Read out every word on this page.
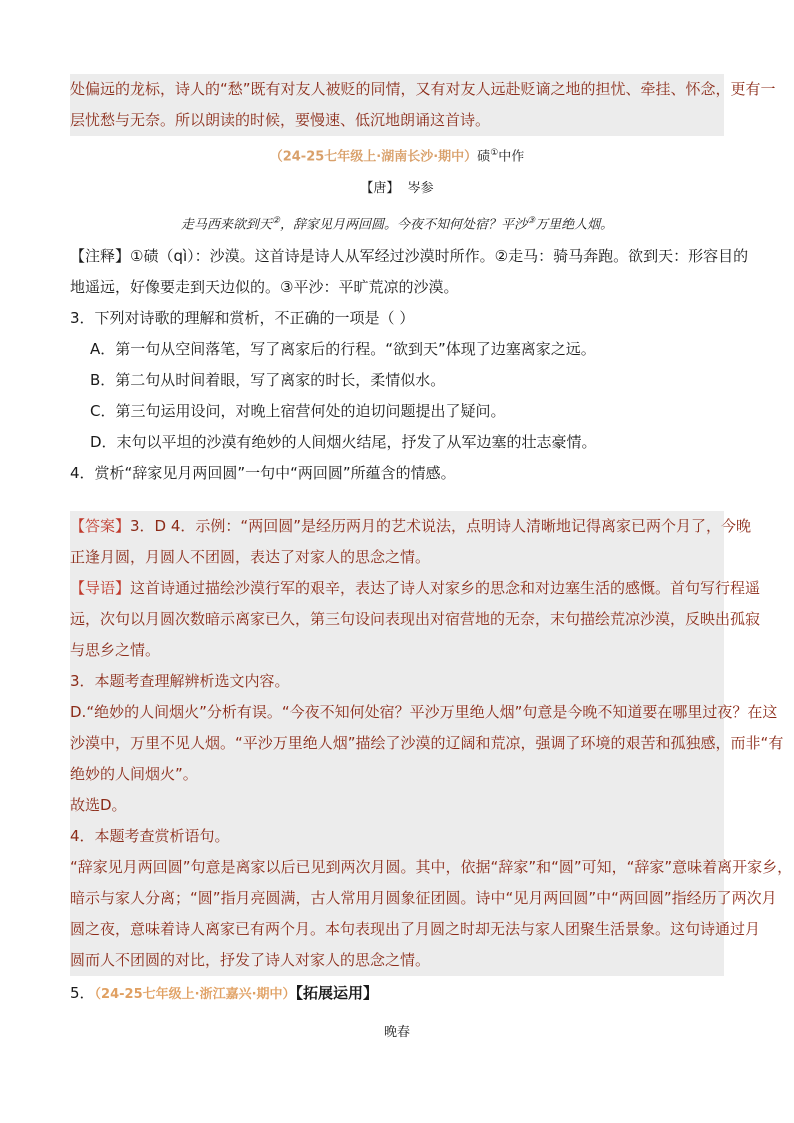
处偏远的龙标，诗人的“愁”既有对友人被贬的同情，又有对友人远赴贬谪之地的担忧、牵挂、怀念，更有一
层忧愁与无奈。所以朗读的时候，要慢速、低沉地朗诵这首诗。
（24-25七年级上·湖南长沙·期中）碛①中作
【唐】 岑参
走马西来欲到天②，辞家见月两回圆。今夜不知何处宿？平沙③万里绝人烟。
【注释】①碛（qì）：沙漠。这首诗是诗人从军经过沙漠时所作。②走马：骑马奔跑。欲到天：形容目的
地遥远，好像要走到天边似的。③平沙：平旷荒凉的沙漠。
3．下列对诗歌的理解和赏析，不正确的一项是（ ）
A．第一句从空间落笔，写了离家后的行程。“欲到天”体现了边塞离家之远。
B．第二句从时间着眼，写了离家的时长，柔情似水。
C．第三句运用设问，对晚上宿营何处的迫切问题提出了疑问。
D．末句以平坦的沙漠有绝妙的人间烟火结尾，抒发了从军边塞的壮志豪情。
4．赏析“辞家见月两回圆”一句中“两回圆”所蕴含的情感。
【答案】3．D 4．示例：“两回圆”是经历两月的艺术说法，点明诗人清晰地记得离家已两个月了，今晚
正逢月圆，月圆人不团圆，表达了对家人的思念之情。
【导语】这首诗通过描绘沙漠行军的艰辛，表达了诗人对家乡的思念和对边塞生活的感慨。首句写行程遥
远，次句以月圆次数暗示离家已久，第三句设问表现出对宿营地的无奈，末句描绘荒凉沙漠，反映出孤寂
与思乡之情。
3．本题考查理解辨析选文内容。
D.“绝妙的人间烟火”分析有误。“今夜不知何处宿？平沙万里绝人烟”句意是今晚不知道要在哪里过夜？在这
沙漠中，万里不见人烟。“平沙万里绝人烟”描绘了沙漠的辽阔和荒凉，强调了环境的艰苦和孤独感，而非“有
绝妙的人间烟火”。
故选D。
4．本题考查赏析语句。
“辞家见月两回圆”句意是离家以后已见到两次月圆。其中，依据“辞家”和“圆”可知，“辞家”意味着离开家乡，
暗示与家人分离；“圆”指月亮圆满，古人常用月圆象征团圆。诗中“见月两回圆”中“两回圆”指经历了两次月
圆之夜，意味着诗人离家已有两个月。本句表现出了月圆之时却无法与家人团聚生活景象。这句诗通过月
圆而人不团圆的对比，抒发了诗人对家人的思念之情。
5．（24-25七年级上·浙江嘉兴·期中）【拓展运用】
晚春
